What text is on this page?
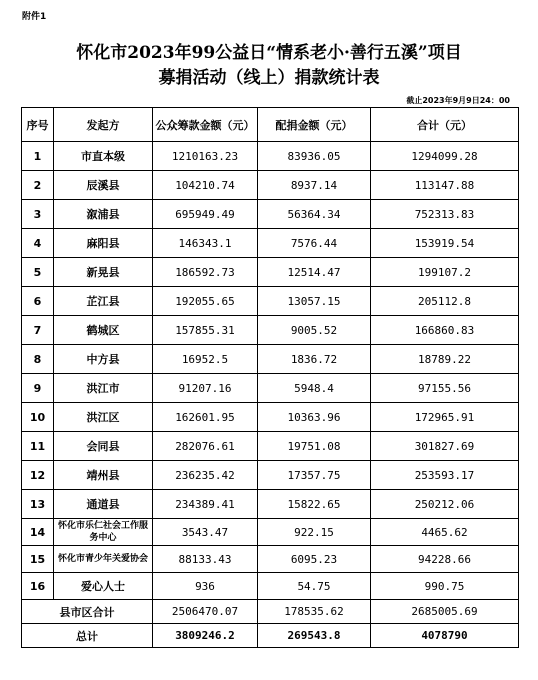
附件1
怀化市2023年99公益日“情系老小·善行五溪”项目
募捐活动（线上）捐款统计表
截止2023年9月9日24：00
序号	发起方	公众筹款金额（元）	配捐金额（元）	合计（元）
1	市直本级	1210163.23	83936.05	1294099.28
2	辰溪县	104210.74	8937.14	113147.88
3	溆浦县	695949.49	56364.34	752313.83
4	麻阳县	146343.1	7576.44	153919.54
5	新晃县	186592.73	12514.47	199107.2
6	芷江县	192055.65	13057.15	205112.8
7	鹤城区	157855.31	9005.52	166860.83
8	中方县	16952.5	1836.72	18789.22
9	洪江市	91207.16	5948.4	97155.56
10	洪江区	162601.95	10363.96	172965.91
11	会同县	282076.61	19751.08	301827.69
12	靖州县	236235.42	17357.75	253593.17
13	通道县	234389.41	15822.65	250212.06
14	怀化市乐仁社会工作服务中心	3543.47	922.15	4465.62
15	怀化市青少年关爱协会	88133.43	6095.23	94228.66
16	爱心人士	936	54.75	990.75
县市区合计		2506470.07	178535.62	2685005.69
总计		3809246.2	269543.8	4078790
